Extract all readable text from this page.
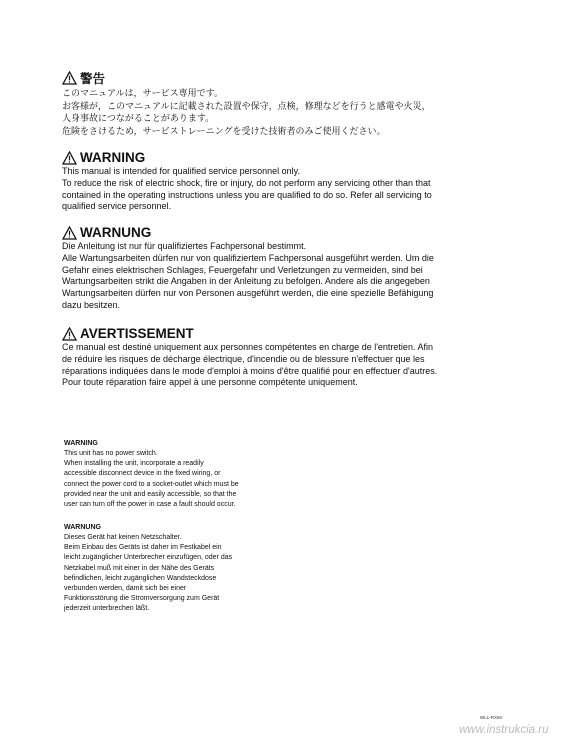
警告
このマニュアルは，サービス専用です。
お客様が，このマニュアルに記載された設置や保守，点検，修理などを行うと感電や火災，
人身事故につながることがあります。
危険をさけるため，サービストレーニングを受けた技術者のみご使用ください。
WARNING

This manual is intended for qualified service personnel only.

To reduce the risk of electric shock, fire or injury, do not perform any servicing other than that

contained in the operating instructions unless you are qualified to do so. Refer all servicing to

qualified service personnel.

WARNUNG

Die Anleitung ist nur für qualifiziertes Fachpersonal bestimmt.

Alle Wartungsarbeiten dürfen nur von qualifiziertem Fachpersonal ausgeführt werden. Um die

Gefahr eines elektrischen Schlages, Feuergefahr und Verletzungen zu vermeiden, sind bei

Wartungsarbeiten strikt die Angaben in der Anleitung zu befolgen. Andere als die angegeben

Wartungsarbeiten dürfen nur von Personen ausgeführt werden, die eine spezielle Befähigung

dazu besitzen.

AVERTISSEMENT

Ce manual est destiné uniquement aux personnes compétentes en charge de l'entretien. Afin

de réduire les risques de décharge électrique, d'incendie ou de blessure n'effectuer que les

réparations indiquées dans le mode d'emploi à moins d'être qualifié pour en effectuer d'autres.

Pour toute réparation faire appel à une personne compétente uniquement.

WARNING

This unit has no power switch.

When installing the unit, incorporate a readily

accessible disconnect device in the fixed wiring, or

connect the power cord to a socket-outlet which must be

provided near the unit and easily accessible, so that the

user can turn off the power in case a fault should occur.

WARNUNG

Dieses Gerät hat keinen Netzschalter.

Beim Einbau des Geräts ist daher im Festkabel ein

leicht zugänglicher Unterbrecher einzufügen, oder das

Netzkabel muß mit einer in der Nähe des Geräts

befindlichen, leicht zugänglichen Wandsteckdose

verbunden werden, damit sich bei einer

Funktionsstörung die Stromversorgung zum Gerät

jederzeit unterbrechen läßt.

WLL-RX50
www.instrukcia.ru
